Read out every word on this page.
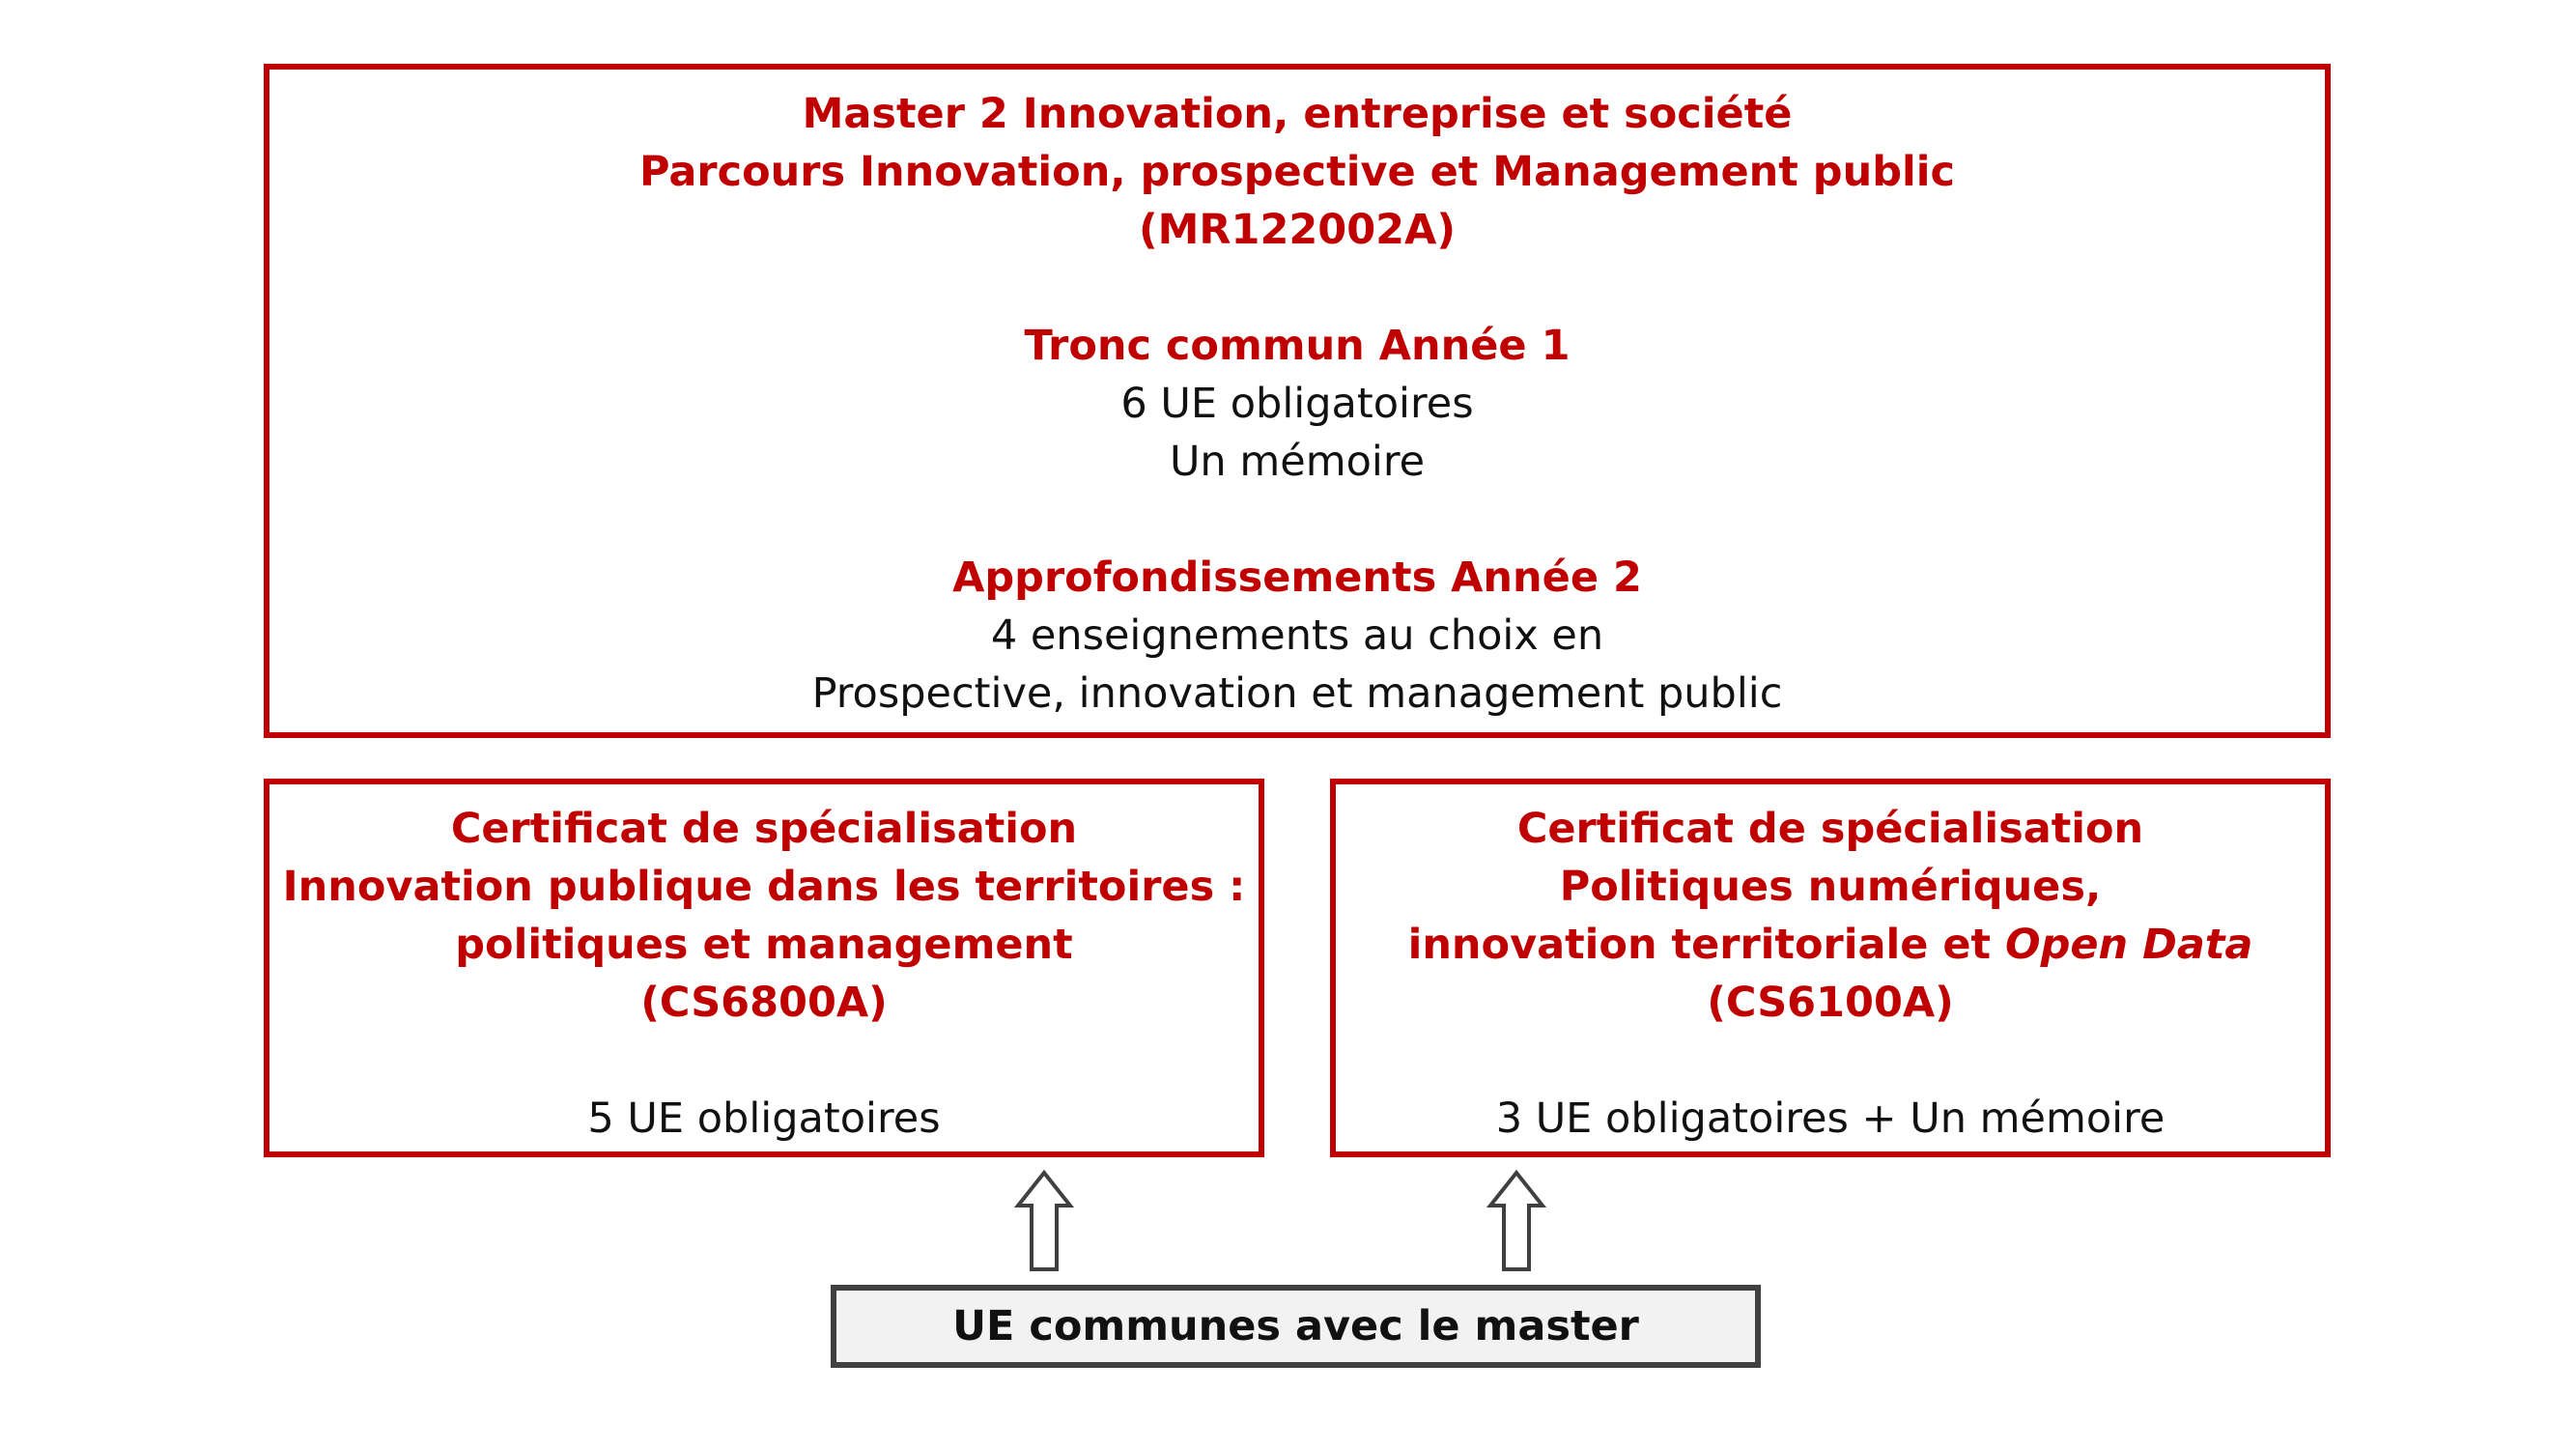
Master 2 Innovation, entreprise et société
Parcours Innovation, prospective et Management public
(MR122002A)
Tronc commun Année 1
6 UE obligatoires
Un mémoire
Approfondissements Année 2
4 enseignements au choix en
Prospective, innovation et management public
Certificat de spécialisation
Innovation publique dans les territoires :
politiques et management
(CS6800A)
5 UE obligatoires
Certificat de spécialisation
Politiques numériques,
innovation territoriale et Open Data
(CS6100A)
3 UE obligatoires + Un mémoire
UE communes avec le master
